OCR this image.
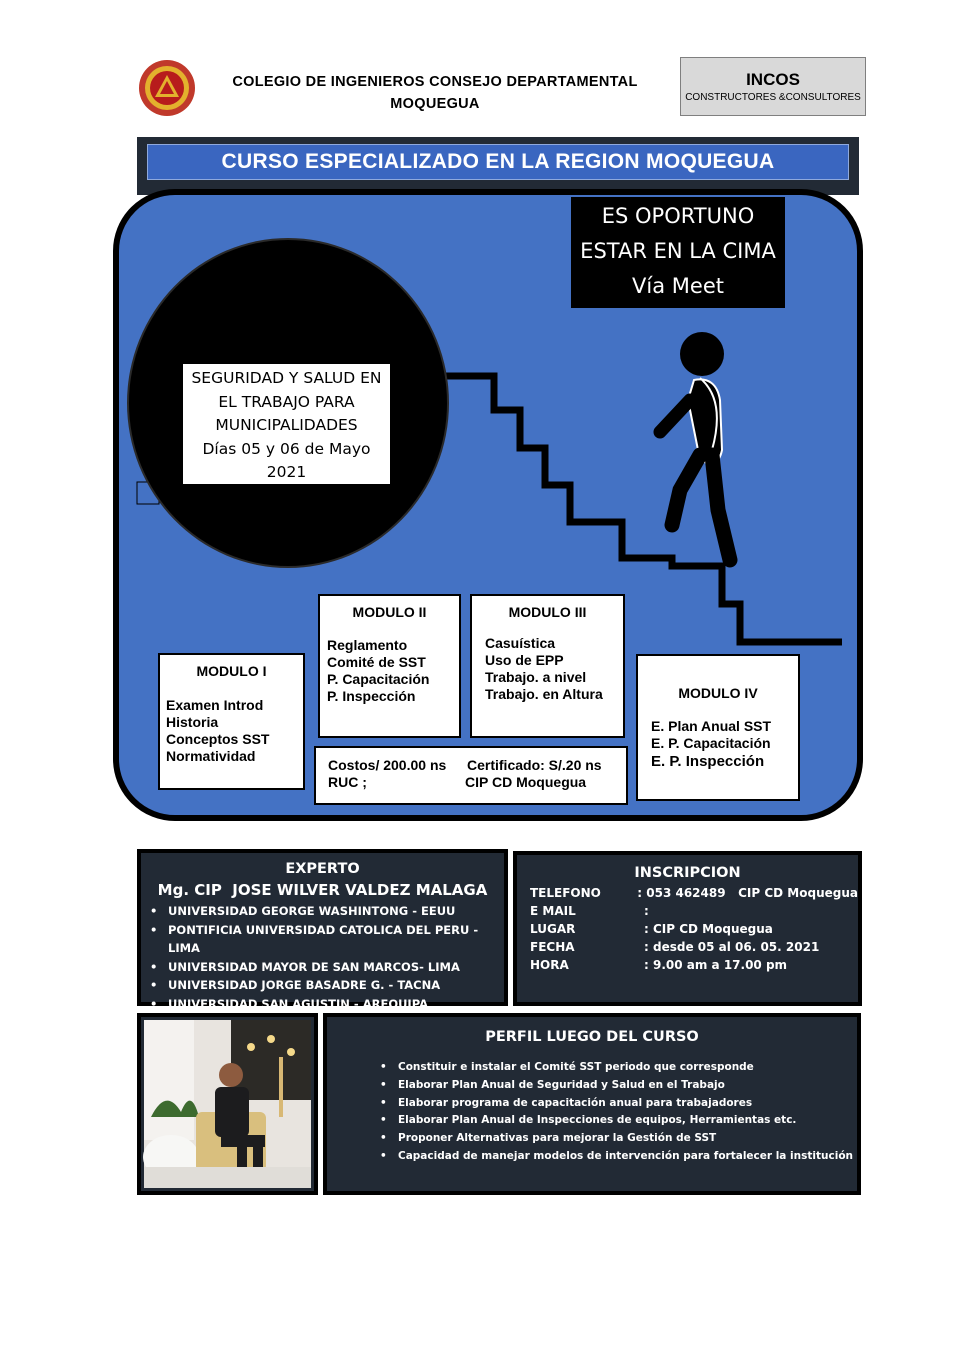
COLEGIO DE INGENIEROS CONSEJO DEPARTAMENTAL
MOQUEGUA
INCOS
CONSTRUCTORES &CONSULTORES
CURSO ESPECIALIZADO EN LA REGION MOQUEGUA
ES OPORTUNO
ESTAR EN LA CIMA
Vía Meet
SEGURIDAD Y SALUD EN
EL TRABAJO PARA
MUNICIPALIDADES
Días 05 y 06 de Mayo
2021
MODULO I
Examen Introd
Historia
Conceptos SST
Normatividad
MODULO II
Reglamento
Comité de SST
P. Capacitación
P. Inspección
MODULO III
Casuística
Uso de EPP
Trabajo. a nivel
Trabajo. en Altura	MODULO IV
E. Plan Anual SST
E. P. Capacitación
E. P. Inspección
Costos/ 200.00 ns
RUC ;
Certificado: S/.20 ns
CIP CD Moquegua
EXPERTO
Mg. CIP  JOSE WILVER VALDEZ MALAGA
• UNIVERSIDAD GEORGE WASHINTONG - EEUU
• PONTIFICIA UNIVERSIDAD CATOLICA DEL PERU - LIMA
• UNIVERSIDAD MAYOR DE SAN MARCOS- LIMA
• UNIVERSIDAD JORGE BASADRE G. - TACNA
• UNIVERSIDAD SAN AGUSTIN - AREQUIPA
INSCRIPCION
TELEFONO	: 053 462489   CIP CD Moquegua
E MAIL	:
LUGAR	: CIP CD Moquegua
FECHA	: desde 05 al 06. 05. 2021
HORA	: 9.00 am a 17.00 pm
PERFIL LUEGO DEL CURSO
• Constituir e instalar el Comité SST periodo que corresponde
• Elaborar Plan Anual de Seguridad y Salud en el Trabajo
• Elaborar programa de capacitación anual para trabajadores
• Elaborar Plan Anual de Inspecciones de equipos, Herramientas etc.
• Proponer Alternativas para mejorar la Gestión de SST
• Capacidad de manejar modelos de intervención para fortalecer la institución
